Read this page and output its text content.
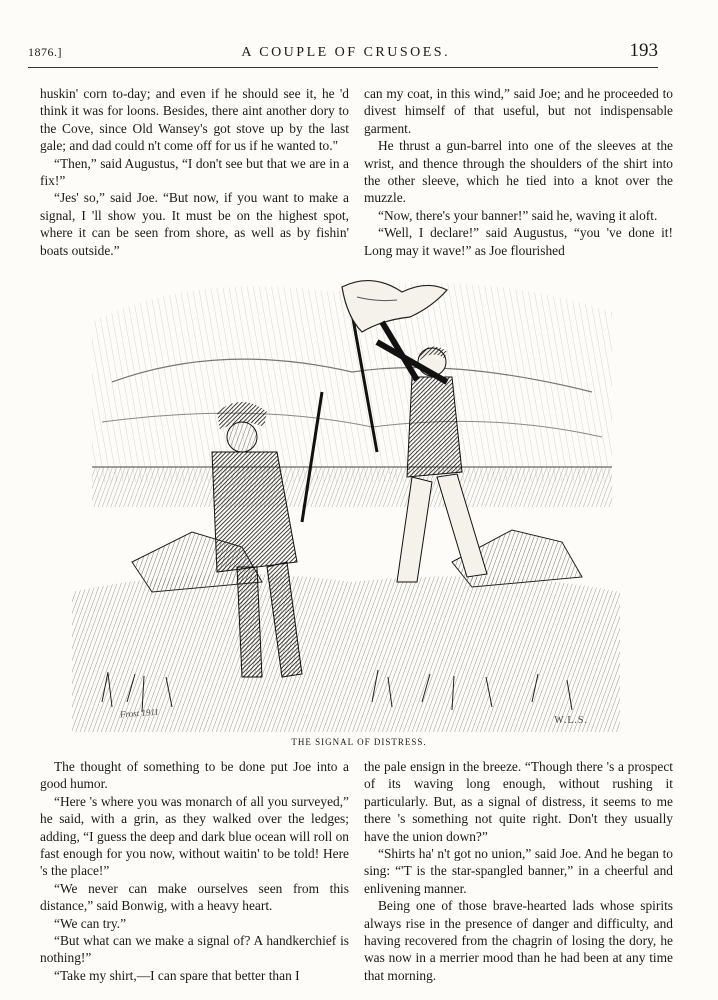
1876.]	A COUPLE OF CRUSOES.	193

huskin' corn to-day; and even if he should see it, he 'd think it was for loons. Besides, there aint another dory to the Cove, since Old Wansey's got stove up by the last gale; and dad could n't come off for us if he wanted to."

“Then,” said Augustus, “I don't see but that we are in a fix!”

“Jes' so,” said Joe. “But now, if you want to make a signal, I 'll show you. It must be on the highest spot, where it can be seen from shore, as well as by fishin' boats outside.”

can my coat, in this wind,” said Joe; and he proceeded to divest himself of that useful, but not indispensable garment.

He thrust a gun-barrel into one of the sleeves at the wrist, and thence through the shoulders of the shirt into the other sleeve, which he tied into a knot over the muzzle.

“Now, there's your banner!” said he, waving it aloft.

“Well, I declare!” said Augustus, “you 've done it! Long may it wave!” as Joe flourished

Frost 1911
W.L.S.
THE SIGNAL OF DISTRESS.

The thought of something to be done put Joe into a good humor.

“Here 's where you was monarch of all you surveyed,” he said, with a grin, as they walked over the ledges; adding, “I guess the deep and dark blue ocean will roll on fast enough for you now, without waitin' to be told! Here 's the place!”

“We never can make ourselves seen from this distance,” said Bonwig, with a heavy heart.

“We can try.”

“But what can we make a signal of? A handkerchief is nothing!”

“Take my shirt,—I can spare that better than I

the pale ensign in the breeze. “Though there 's a prospect of its waving long enough, without rushing it particularly. But, as a signal of distress, it seems to me there 's something not quite right. Don't they usually have the union down?”

“Shirts ha' n't got no union,” said Joe. And he began to sing: “'T is the star-spangled banner,” in a cheerful and enlivening manner.

Being one of those brave-hearted lads whose spirits always rise in the presence of danger and difficulty, and having recovered from the chagrin of losing the dory, he was now in a merrier mood than he had been at any time that morning.
